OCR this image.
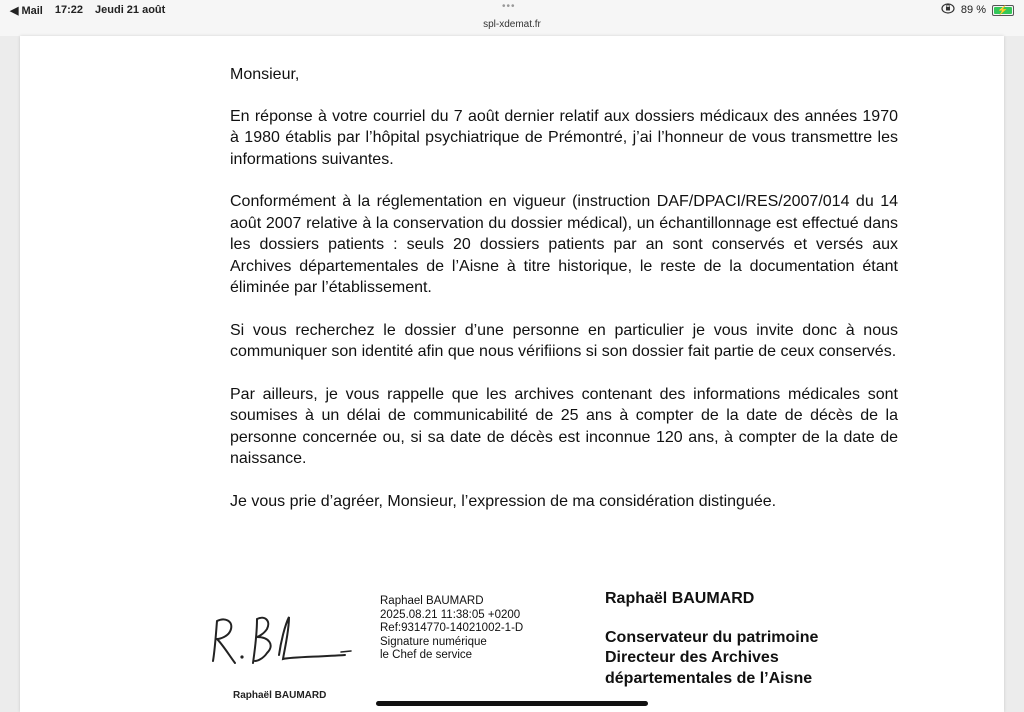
◀ Mail 17:22 Jeudi 21 août	•••
spl-xdemat.fr
89 % ⚡

Monsieur,

En réponse à votre courriel du 7 août dernier relatif aux dossiers médicaux des années 1970 à 1980 établis par l’hôpital psychiatrique de Prémontré, j’ai l’honneur de vous transmettre les informations suivantes.

Conformément à la réglementation en vigueur (instruction DAF/DPACI/RES/2007/014 du 14 août 2007 relative à la conservation du dossier médical), un échantillonnage est effectué dans les dossiers patients : seuls 20 dossiers patients par an sont conservés et versés aux Archives départementales de l’Aisne à titre historique, le reste de la documentation étant éliminée par l’établissement.

Si vous recherchez le dossier d’une personne en particulier je vous invite donc à nous communiquer son identité afin que nous vérifiions si son dossier fait partie de ceux conservés.

Par ailleurs, je vous rappelle que les archives contenant des informations médicales sont soumises à un délai de communicabilité de 25 ans à compter de la date de décès de la personne concernée ou, si sa date de décès est inconnue 120 ans, à compter de la date de naissance.

Je vous prie d’agréer, Monsieur, l’expression de ma considération distinguée.

Raphaël BAUMARD
Raphael BAUMARD
2025.08.21 11:38:05 +0200
Ref:9314770-14021002-1-D
Signature numérique
le Chef de service
Raphaël BAUMARD
Conservateur du patrimoine
Directeur des Archives
départementales de l’Aisne
